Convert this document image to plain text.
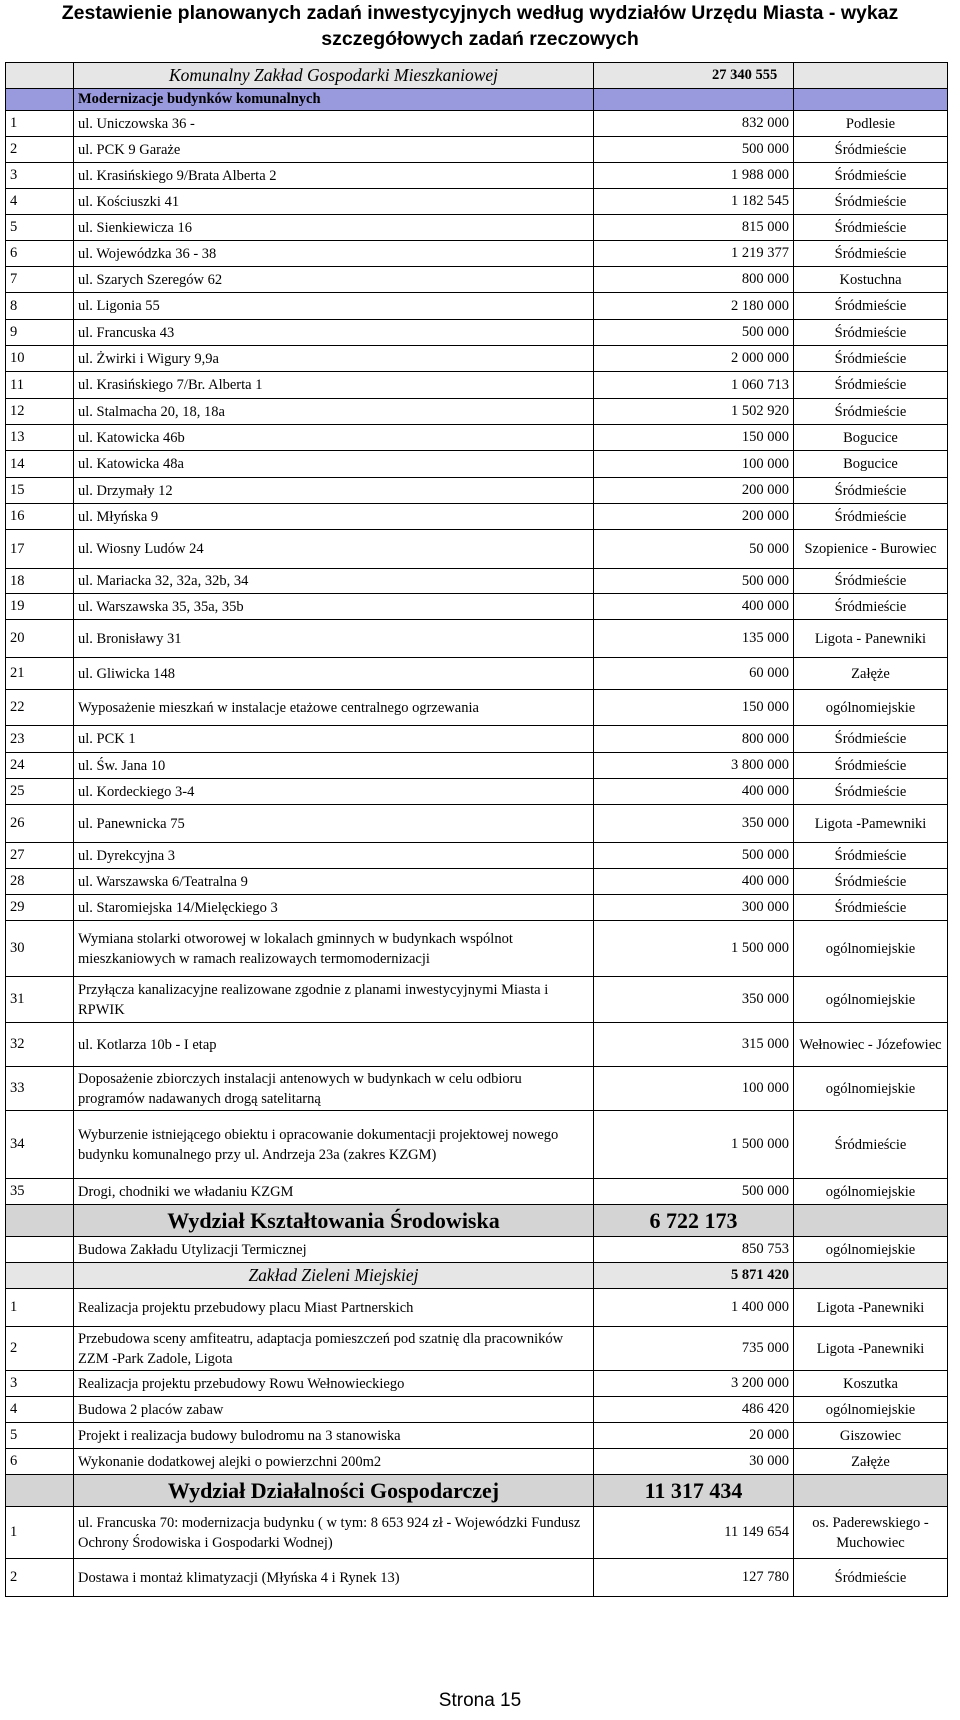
Zestawienie planowanych zadań inwestycyjnych według wydziałów Urzędu Miasta - wykaz
szczegółowych zadań rzeczowych
	Komunalny Zakład Gospodarki Mieszkaniowej	27 340 555	
	Modernizacje budynków komunalnych		
1	ul. Uniczowska 36 -	832 000	Podlesie
2	ul. PCK 9 Garaże	500 000	Śródmieście
3	ul. Krasińskiego 9/Brata Alberta 2	1 988 000	Śródmieście
4	ul. Kościuszki 41	1 182 545	Śródmieście
5	ul. Sienkiewicza 16	815 000	Śródmieście
6	ul. Wojewódzka 36 - 38	1 219 377	Śródmieście
7	ul. Szarych Szeregów 62	800 000	Kostuchna
8	ul. Ligonia 55	2 180 000	Śródmieście
9	ul. Francuska 43	500 000	Śródmieście
10	ul. Żwirki i Wigury 9,9a	2 000 000	Śródmieście
11	ul. Krasińskiego 7/Br. Alberta 1	1 060 713	Śródmieście
12	ul. Stalmacha 20, 18, 18a	1 502 920	Śródmieście
13	ul. Katowicka 46b	150 000	Bogucice
14	ul. Katowicka 48a	100 000	Bogucice
15	ul. Drzymały 12	200 000	Śródmieście
16	ul. Młyńska 9	200 000	Śródmieście
17	ul. Wiosny Ludów 24	50 000	Szopienice - Burowiec
18	ul. Mariacka 32, 32a, 32b, 34	500 000	Śródmieście
19	ul. Warszawska 35, 35a, 35b	400 000	Śródmieście
20	ul. Bronisławy 31	135 000	Ligota - Panewniki
21	ul. Gliwicka 148	60 000	Załęże
22	Wyposażenie mieszkań w instalacje etażowe centralnego ogrzewania	150 000	ogólnomiejskie
23	ul. PCK 1	800 000	Śródmieście
24	ul. Św. Jana 10	3 800 000	Śródmieście
25	ul. Kordeckiego 3-4	400 000	Śródmieście
26	ul. Panewnicka 75	350 000	Ligota -Pamewniki
27	ul. Dyrekcyjna 3	500 000	Śródmieście
28	ul. Warszawska 6/Teatralna 9	400 000	Śródmieście
29	ul. Staromiejska 14/Mielęckiego 3	300 000	Śródmieście
30	Wymiana stolarki otworowej w lokalach gminnych w budynkach wspólnot mieszkaniowych w ramach realizowaych termomodernizacji	1 500 000	ogólnomiejskie
31	Przyłącza kanalizacyjne realizowane zgodnie z planami inwestycyjnymi Miasta i RPWIK	350 000	ogólnomiejskie
32	ul. Kotlarza 10b - I etap	315 000	Wełnowiec - Józefowiec
33	Doposażenie zbiorczych instalacji antenowych w budynkach w celu odbioru programów nadawanych drogą satelitarną	100 000	ogólnomiejskie
34	Wyburzenie istniejącego obiektu i opracowanie dokumentacji projektowej nowego budynku komunalnego przy ul. Andrzeja 23a (zakres KZGM)	1 500 000	Śródmieście
35	Drogi, chodniki we władaniu KZGM	500 000	ogólnomiejskie
	Wydział Kształtowania Środowiska	6 722 173	
	Budowa Zakładu Utylizacji Termicznej	850 753	ogólnomiejskie
	Zakład Zieleni Miejskiej	5 871 420	
1	Realizacja projektu przebudowy placu Miast Partnerskich	1 400 000	Ligota -Panewniki
2	Przebudowa sceny amfiteatru, adaptacja pomieszczeń pod szatnię dla pracowników ZZM -Park Zadole, Ligota	735 000	Ligota -Panewniki
3	Realizacja projektu przebudowy Rowu Wełnowieckiego	3 200 000	Koszutka
4	Budowa 2 placów zabaw	486 420	ogólnomiejskie
5	Projekt i realizacja budowy bulodromu na 3 stanowiska	20 000	Giszowiec
6	Wykonanie dodatkowej alejki o powierzchni 200m2	30 000	Załęże
	Wydział Działalności Gospodarczej	11 317 434	
1	ul. Francuska 70: modernizacja budynku ( w tym: 8 653 924 zł - Wojewódzki Fundusz Ochrony Środowiska i Gospodarki Wodnej)	11 149 654	os. Paderewskiego - Muchowiec
2	Dostawa i montaż klimatyzacji (Młyńska 4 i Rynek 13)	127 780	Śródmieście
Strona 15
